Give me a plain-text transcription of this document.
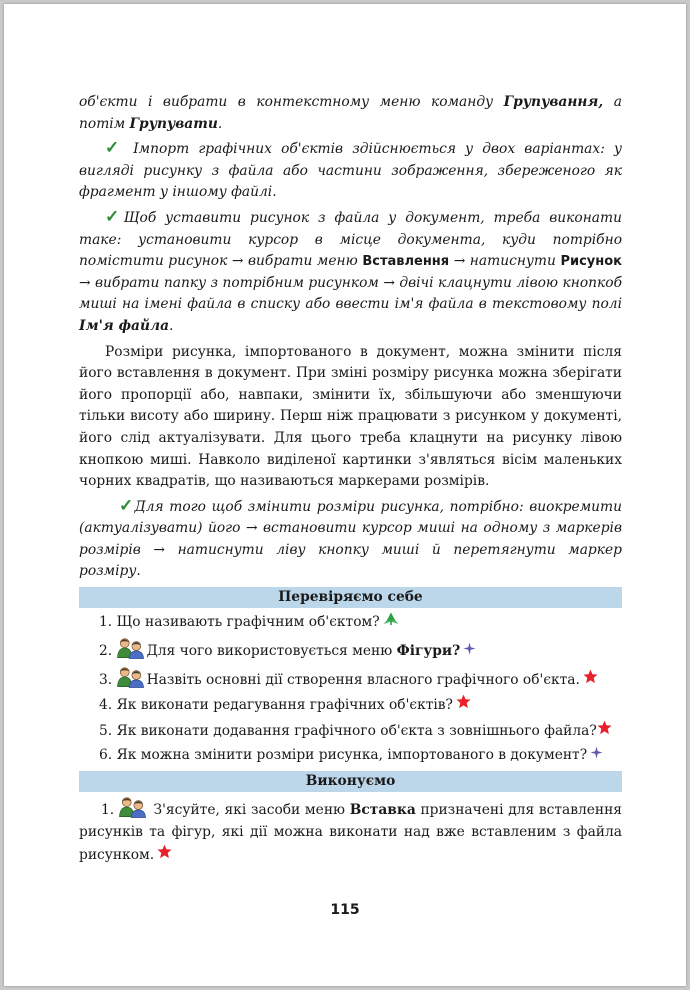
об'єкти і вибрати в контекстному меню команду Групування, а потім Групувати.

✓ Імпорт графічних об'єктів здійснюється у двох варіантах: у вигляді рисунку з файла або частини зображення, збереженого як фрагмент у іншому файлі.

✓Щоб уставити рисунок з файла у документ, треба виконати таке: установити курсор в місце документа, куди потрібно помістити рисунок → вибрати меню Вставлення → натиснути Рисунок → вибрати папку з потрібним рисунком → двічі клацнути лівою кнопкоб миші на імені файла в списку або ввести ім'я файла в текстовому полі Ім'я файла.

Розміри рисунка, імпортованого в документ, можна змінити після його вставлення в документ. При зміні розміру рисунка можна зберігати його пропорції або, навпаки, змінити їх, збільшуючи або зменшуючи тільки висоту або ширину. Перш ніж працювати з рисунком у документі, його слід актуалізувати. Для цього треба клацнути на рисунку лівою кнопкою миші. Навколо виділеної картинки з'являться вісім маленьких чорних квадратів, що називаються маркерами розмірів.

✓Для того щоб змінити розміри рисунка, потрібно: виокремити (актуалізувати) його → встановити курсор миші на одному з маркерів розмірів → натиснути ліву кнопку миші й перетягнути маркер розміру.

Перевіряємо себе
1. Що називають графічним об'єктом?
2. Для чого використовується меню Фігури?
3. Назвіть основні дії створення власного графічного об'єкта.
4. Як виконати редагування графічних об'єктів?
5. Як виконати додавання графічного об'єкта з зовнішнього файла?
6. Як можна змінити розміри рисунка, імпортованого в документ?
Виконуємо

1.	З'ясуйте, які засоби меню Вставка призначені для вставлення рисунків та фігур, які дії можна виконати над вже вставленим з файла рисунком.

115
